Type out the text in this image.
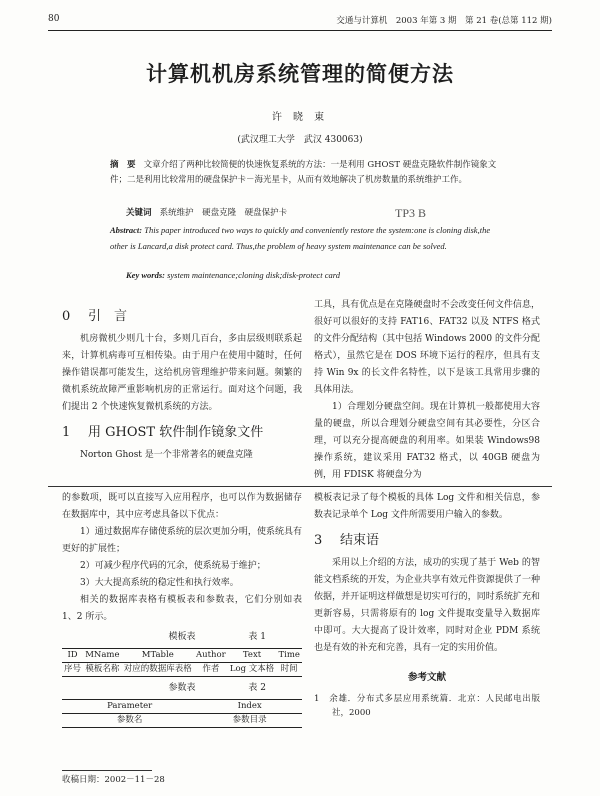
80	交通与计算机　2003 年第 3 期　第 21 卷(总第 112 期)
计算机机房系统管理的简便方法
许 晓 東
(武汉理工大学　武汉 430063)
摘　要 文章介绍了两种比较简便的快速恢复系统的方法：一是利用 GHOST 硬盘克隆软件制作镜象文件；二是利用比较常用的硬盘保护卡－海光星卡，从而有效地解决了机房数量的系统维护工作。
关键词 系统维护　硬盘克隆　硬盘保护卡	TP3 B
Abstract: This paper introduced two ways to quickly and conveniently restore the system:one is cloning disk,the other is Lancard,a disk protect card. Thus,the problem of heavy system maintenance can be solved.
Key words: system maintenance;cloning disk;disk-protect card
0 引　言

机房微机少则几十台，多则几百台，多由层级则联系起来，计算机病毒可互相传染。由于用户在使用中随时，任何操作错误都可能发生，这给机房管理维护带来问题。频繁的微机系统故障严重影响机房的正常运行。面对这个问题，我们提出 2 个快速恢复微机系统的方法。

1 用 GHOST 软件制作镜象文件

Norton Ghost 是一个非常著名的硬盘克隆

工具，具有优点是在克隆硬盘时不会改变任何文件信息，很好可以很好的支持 FAT16、FAT32 以及 NTFS 格式的文件分配结构（其中包括 Windows 2000 的文件分配格式），虽然它是在 DOS 环境下运行的程序，但具有支持 Win 9x 的长文件名特性，以下是该工具常用步骤的具体用法。

1）合理划分硬盘空间。现在计算机一般都使用大容量的硬盘，所以合理划分硬盘空间有其必要性，分区合理，可以充分提高硬盘的利用率。如果装 Windows98 操作系统，建议采用 FAT32 格式，以 40GB 硬盘为例，用 FDISK 将硬盘分为

的参数项，既可以直接写入应用程序，也可以作为数据储存在数据库中，其中应考虑具备以下优点：

1）通过数据库存储使系统的层次更加分明，使系统具有更好的扩展性；

2）可减少程序代码的冗余，使系统易于维护；

3）大大提高系统的稳定性和执行效率。

相关的数据库表格有模板表和参数表，它们分别如表 1、2 所示。

模板表	表 1
ID	MName	MTable	Author	Text	Time
序号	模板名称	对应的数据库表格	作者	Log 文本格	时间
参数表	表 2
Parameter	Index
参数名	参数目录

模板表记录了每个模板的具体 Log 文件和相关信息，参数表记录单个 Log 文件所需要用户输入的参数。

3 结束语

采用以上介绍的方法，成功的实现了基于 Web 的智能文档系统的开发，为企业共享有效元件资源提供了一种依据，并开证明这样做想是切实可行的，同时系统扩充和更新容易，只需将原有的 log 文件提取变量导入数据库中即可。大大提高了设计效率，同时对企业 PDM 系统也是有效的补充和完善，具有一定的实用价值。

参考文献
1　余雄．分布式多层应用系统篇．北京：人民邮电出版社，2000
收稿日期：2002－11－28
